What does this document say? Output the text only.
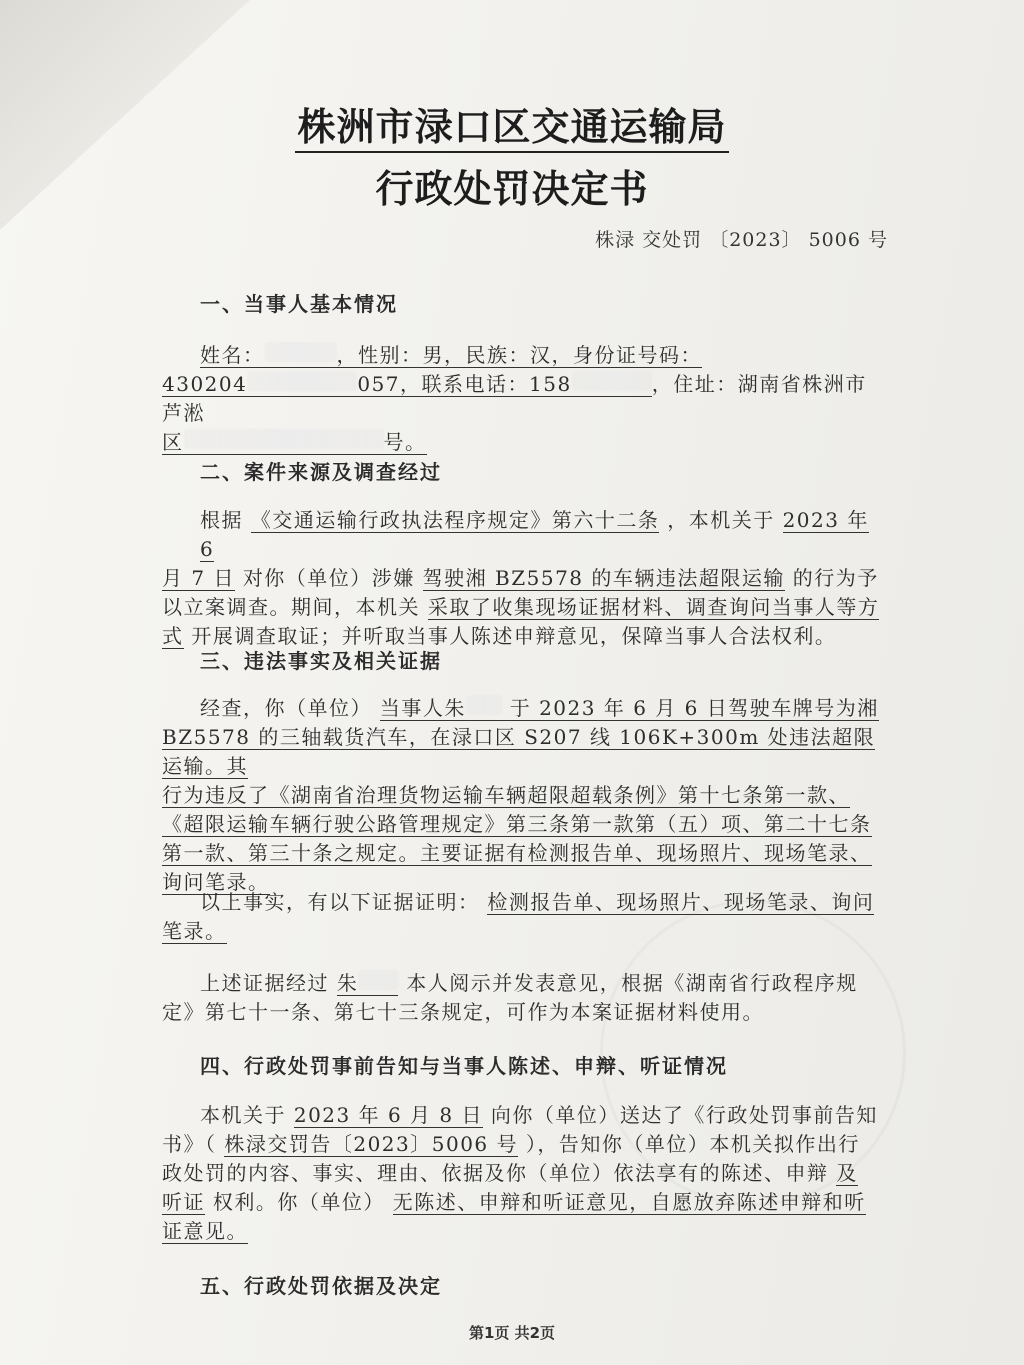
株洲市渌口区交通运输局
行政处罚决定书
株渌 交处罚 〔2023〕 5006 号
一、当事人基本情况
姓名：	，性别：男，民族：汉，身份证号码：
430204	057，联系电话：158	，住址：湖南省株洲市芦淞
区	号。
二、案件来源及调查经过
根据 《交通运输行政执法程序规定》第六十二条 ，本机关于 2023 年 6
月 7 日 对你（单位）涉嫌 驾驶湘 BZ5578 的车辆违法超限运输 的行为予以立案调查。期间，本机关 采取了收集现场证据材料、调查询问当事人等方
式 开展调查取证；并听取当事人陈述申辩意见，保障当事人合法权利。
三、违法事实及相关证据
经查，你（单位） 当事人朱 于 2023 年 6 月 6 日驾驶车牌号为湘
BZ5578 的三轴载货汽车，在渌口区 S207 线 106K+300m 处违法超限运输。其
行为违反了《湖南省治理货物运输车辆超限超载条例》第十七条第一款、
《超限运输车辆行驶公路管理规定》第三条第一款第（五）项、第二十七条
第一款、第三十条之规定。主要证据有检测报告单、现场照片、现场笔录、
询问笔录。
以上事实，有以下证据证明： 检测报告单、现场照片、现场笔录、询问
笔录。
上述证据经过 朱 本人阅示并发表意见，根据《湖南省行政程序规
定》第七十一条、第七十三条规定，可作为本案证据材料使用。
四、行政处罚事前告知与当事人陈述、申辩、听证情况
本机关于 2023 年 6 月 8 日 向你（单位）送达了《行政处罚事前告知
书》（ 株渌交罚告〔2023〕5006 号 ），告知你（单位）本机关拟作出行
政处罚的内容、事实、理由、依据及你（单位）依法享有的陈述、申辩 及
听证 权利。你（单位） 无陈述、申辩和听证意见，自愿放弃陈述申辩和听
证意见。
五、行政处罚依据及决定
第1页 共2页
